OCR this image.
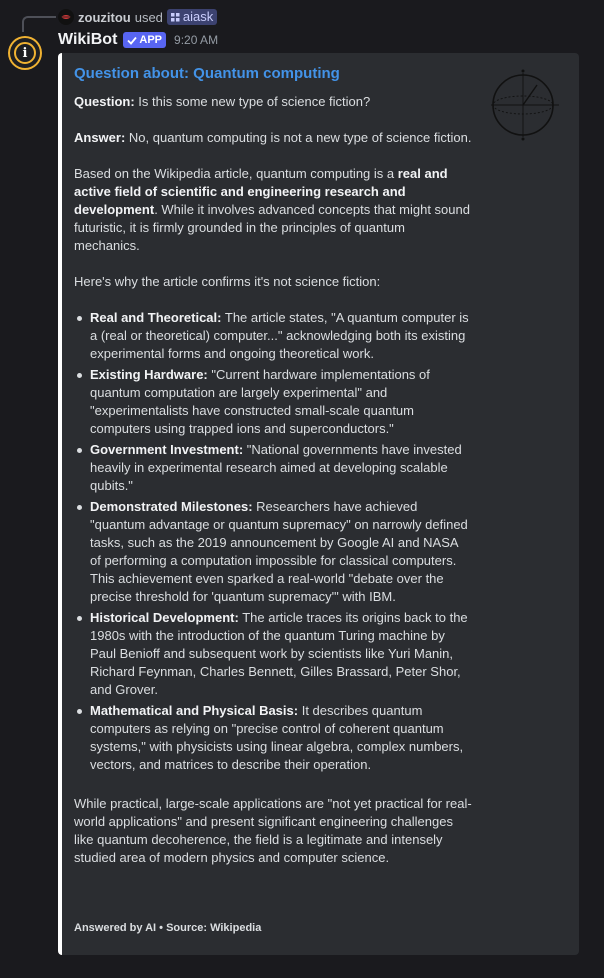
zouzitou used aiask
i
WikiBot APP 9:20 AM
Question about: Quantum computing

Question: Is this some new type of science fiction?

Answer: No, quantum computing is not a new type of science fiction.

Based on the Wikipedia article, quantum computing is a real and active field of scientific and engineering research and development. While it involves advanced concepts that might sound futuristic, it is firmly grounded in the principles of quantum mechanics.

Here's why the article confirms it's not science fiction:

Real and Theoretical: The article states, "A quantum computer is a (real or theoretical) computer..." acknowledging both its existing experimental forms and ongoing theoretical work.
Existing Hardware: "Current hardware implementations of quantum computation are largely experimental" and "experimentalists have constructed small-scale quantum computers using trapped ions and superconductors."
Government Investment: "National governments have invested heavily in experimental research aimed at developing scalable qubits."
Demonstrated Milestones: Researchers have achieved "quantum advantage or quantum supremacy" on narrowly defined tasks, such as the 2019 announcement by Google AI and NASA of performing a computation impossible for classical computers. This achievement even sparked a real-world "debate over the precise threshold for 'quantum supremacy'" with IBM.
Historical Development: The article traces its origins back to the 1980s with the introduction of the quantum Turing machine by Paul Benioff and subsequent work by scientists like Yuri Manin, Richard Feynman, Charles Bennett, Gilles Brassard, Peter Shor, and Grover.
Mathematical and Physical Basis: It describes quantum computers as relying on "precise control of coherent quantum systems," with physicists using linear algebra, complex numbers, vectors, and matrices to describe their operation.

While practical, large-scale applications are "not yet practical for real-world applications" and present significant engineering challenges like quantum decoherence, the field is a legitimate and intensely studied area of modern physics and computer science.

Answered by AI • Source: Wikipedia
